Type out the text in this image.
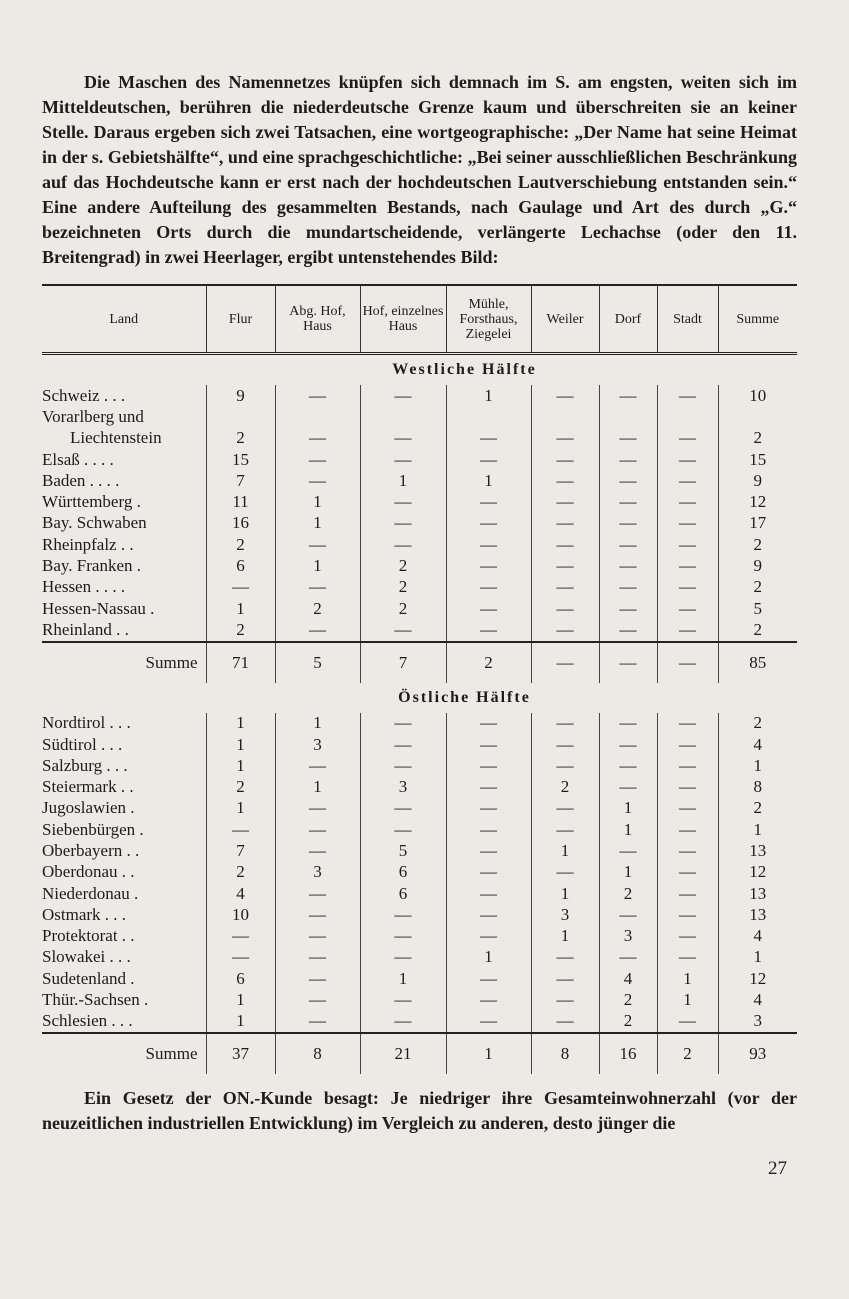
Die Maschen des Namennetzes knüpfen sich demnach im S. am engsten, weiten sich im Mitteldeutschen, berühren die niederdeutsche Grenze kaum und überschreiten sie an keiner Stelle. Daraus ergeben sich zwei Tatsachen, eine wortgeographische: „Der Name hat seine Heimat in der s. Gebietshälfte“, und eine sprachgeschichtliche: „Bei seiner ausschließlichen Beschränkung auf das Hochdeutsche kann er erst nach der hochdeutschen Lautverschiebung entstanden sein.“ Eine andere Aufteilung des gesammelten Bestands, nach Gaulage und Art des durch „G.“ bezeichneten Orts durch die mundartscheidende, verlängerte Lechachse (oder den 11. Breitengrad) in zwei Heerlager, ergibt untenstehendes Bild:

Land	Flur	Abg. Hof, Haus	Hof, einzelnes Haus	Mühle, Forsthaus, Ziegelei	Weiler	Dorf	Stadt	Summe
Westliche Hälfte								
Schweiz . . .	9	—	—	1	—	—	—	10
Vorarlberg und								
Liechtenstein	2	—	—	—	—	—	—	2
Elsaß . . . .	15	—	—	—	—	—	—	15
Baden . . . .	7	—	1	1	—	—	—	9
Württemberg .	11	1	—	—	—	—	—	12
Bay. Schwaben	16	1	—	—	—	—	—	17
Rheinpfalz . .	2	—	—	—	—	—	—	2
Bay. Franken .	6	1	2	—	—	—	—	9
Hessen . . . .	—	—	2	—	—	—	—	2
Hessen-Nassau .	1	2	2	—	—	—	—	5
Rheinland . .	2	—	—	—	—	—	—	2
Summe	71	5	7	2	—	—	—	85
Östliche Hälfte								
Nordtirol . . .	1	1	—	—	—	—	—	2
Südtirol . . .	1	3	—	—	—	—	—	4
Salzburg . . .	1	—	—	—	—	—	—	1
Steiermark . .	2	1	3	—	2	—	—	8
Jugoslawien .	1	—	—	—	—	1	—	2
Siebenbürgen .	—	—	—	—	—	1	—	1
Oberbayern . .	7	—	5	—	1	—	—	13
Oberdonau . .	2	3	6	—	—	1	—	12
Niederdonau .	4	—	6	—	1	2	—	13
Ostmark . . .	10	—	—	—	3	—	—	13
Protektorat . .	—	—	—	—	1	3	—	4
Slowakei . . .	—	—	—	1	—	—	—	1
Sudetenland .	6	—	1	—	—	4	1	12
Thür.-Sachsen .	1	—	—	—	—	2	1	4
Schlesien . . .	1	—	—	—	—	2	—	3
Summe	37	8	21	1	8	16	2	93

Ein Gesetz der ON.-Kunde besagt: Je niedriger ihre Gesamteinwohnerzahl (vor der neuzeitlichen industriellen Entwicklung) im Vergleich zu anderen, desto jünger die

27
